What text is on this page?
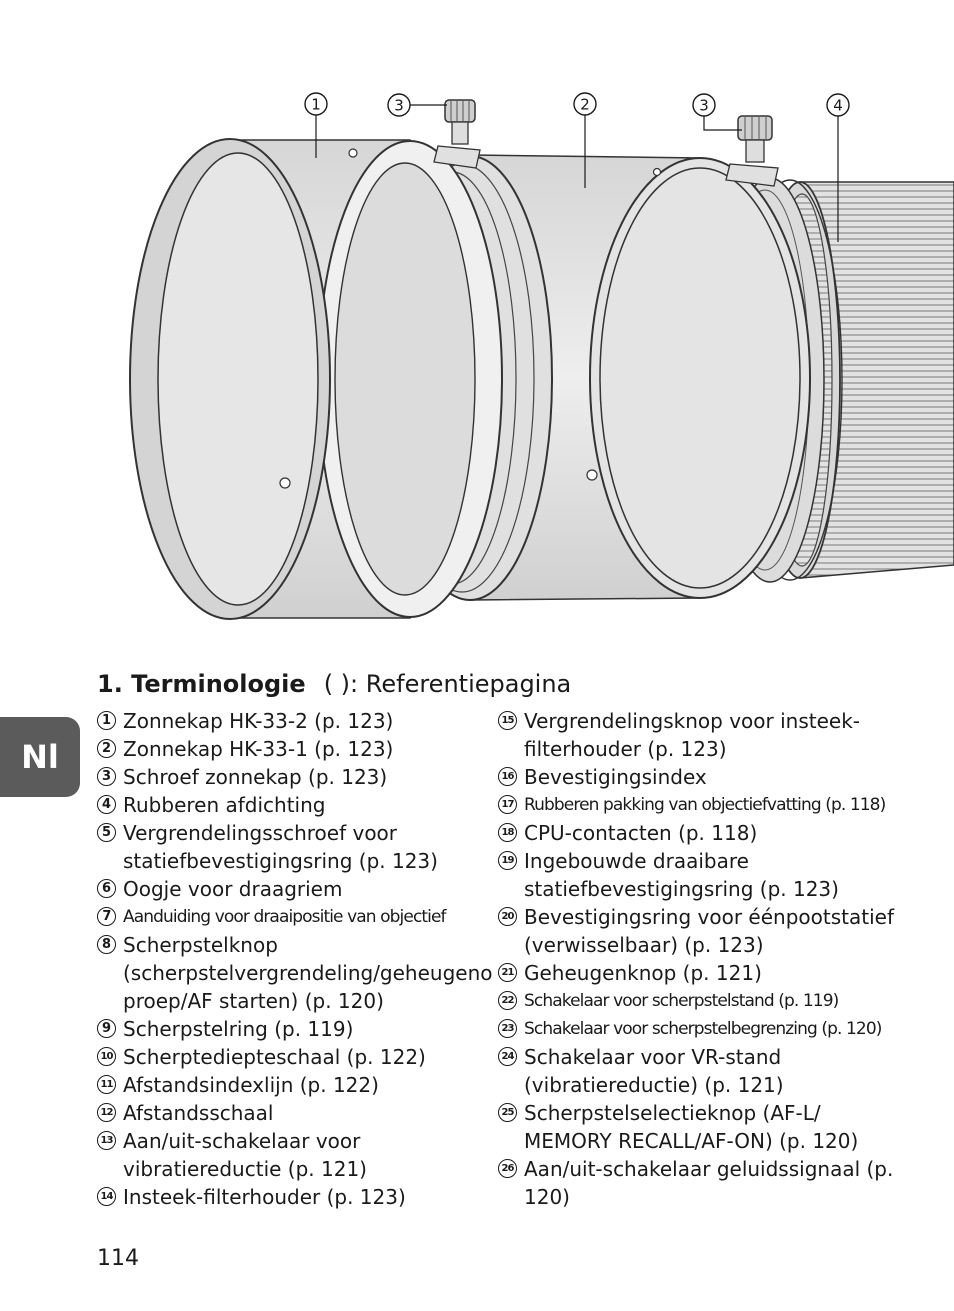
1	3	2	3	4
Nl
1. Terminologie ( ): Referentiepagina
1 Zonnekap HK-33-2 (p. 123)
2 Zonnekap HK-33-1 (p. 123)
3 Schroef zonnekap (p. 123)
4 Rubberen afdichting
5 Vergrendelingsschroef voor statiefbevestigingsring (p. 123)
6 Oogje voor draagriem
7 Aanduiding voor draaipositie van objectief
8 Scherpstelknop (scherpstelvergrendeling/geheugeno proep/AF starten) (p. 120)
9 Scherpstelring (p. 119)
10 Scherptediepteschaal (p. 122)
11 Afstandsindexlijn (p. 122)
12 Afstandsschaal
13 Aan/uit-schakelaar voor vibratiereductie (p. 121)
14 Insteek-filterhouder (p. 123)
15 Vergrendelingsknop voor insteek-filterhouder (p. 123)
16 Bevestigingsindex
17 Rubberen pakking van objectiefvatting (p. 118)
18 CPU-contacten (p. 118)
19 Ingebouwde draaibare statiefbevestigingsring (p. 123)
20 Bevestigingsring voor éénpootstatief (verwisselbaar) (p. 123)
21 Geheugenknop (p. 121)
22 Schakelaar voor scherpstelstand (p. 119)
23 Schakelaar voor scherpstelbegrenzing (p. 120)
24 Schakelaar voor VR-stand (vibratiereductie) (p. 121)
25 Scherpstelselectieknop (AF-L/ MEMORY RECALL/AF-ON) (p. 120)
26 Aan/uit-schakelaar geluidssignaal (p. 120)
114
